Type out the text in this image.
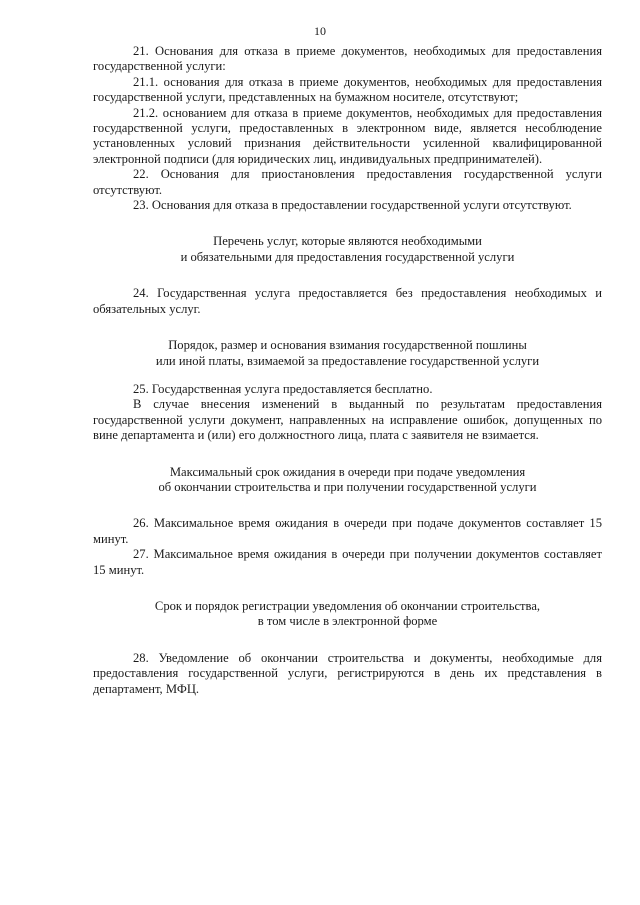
10

21. Основания для отказа в приеме документов, необходимых для предоставления государственной услуги:

21.1. основания для отказа в приеме документов, необходимых для предоставления государственной услуги, представленных на бумажном носителе, отсутствуют;

21.2. основанием для отказа в приеме документов, необходимых для предоставления государственной услуги, предоставленных в электронном виде, является несоблюдение установленных условий признания действительности усиленной квалифицированной электронной подписи (для юридических лиц, индивидуальных предпринимателей).

22. Основания для приостановления предоставления государственной услуги отсутствуют.

23. Основания для отказа в предоставлении государственной услуги отсутствуют.

Перечень услуг, которые являются необходимыми

и обязательными для предоставления государственной услуги

24. Государственная услуга предоставляется без предоставления необходимых и обязательных услуг.

Порядок, размер и основания взимания государственной пошлины

или иной платы, взимаемой за предоставление государственной услуги

25. Государственная услуга предоставляется бесплатно.

В случае внесения изменений в выданный по результатам предоставления государственной услуги документ, направленных на исправление ошибок, допущенных по вине департамента и (или) его должностного лица, плата с заявителя не взимается.

Максимальный срок ожидания в очереди при подаче уведомления

об окончании строительства и при получении государственной услуги

26. Максимальное время ожидания в очереди при подаче документов составляет 15 минут.

27. Максимальное время ожидания в очереди при получении документов составляет 15 минут.

Срок и порядок регистрации уведомления об окончании строительства,

в том числе в электронной форме

28. Уведомление об окончании строительства и документы, необходимые для предоставления государственной услуги, регистрируются в день их представления в департамент, МФЦ.
